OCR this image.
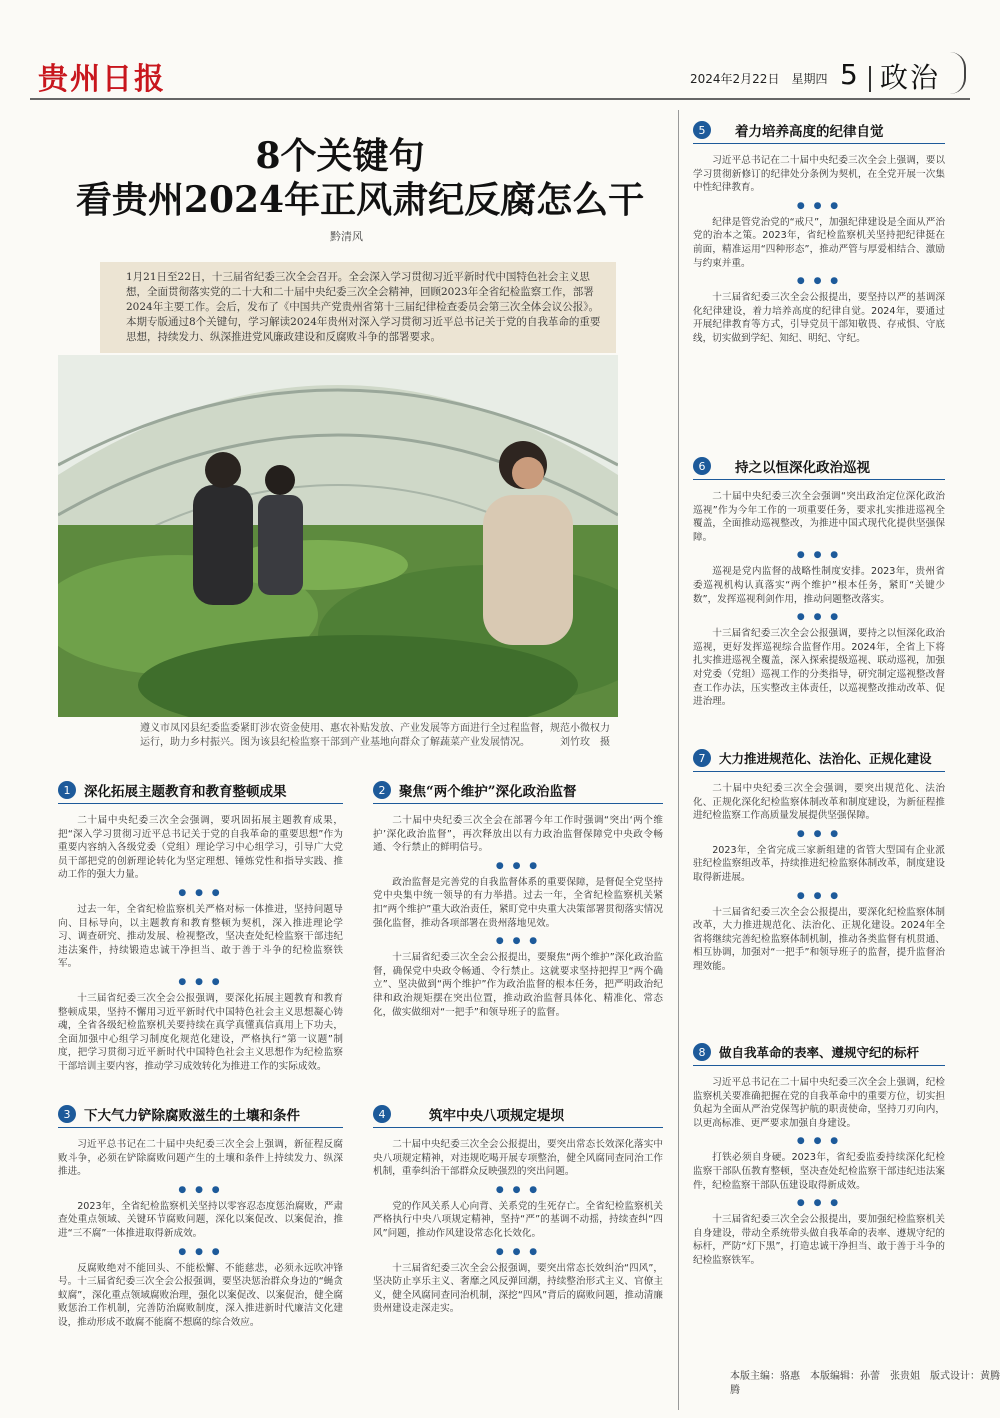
贵州日报	2024年2月22日　星期四 5 政治
8个关键句
看贵州2024年正风肃纪反腐怎么干
黔清风
1月21日至22日，十三届省纪委三次全会召开。全会深入学习贯彻习近平新时代中国特色社会主义思想，全面贯彻落实党的二十大和二十届中央纪委三次全会精神，回顾2023年全省纪检监察工作，部署2024年主要工作。会后，发布了《中国共产党贵州省第十三届纪律检查委员会第三次全体会议公报》。本期专版通过8个关键句，学习解读2024年贵州对深入学习贯彻习近平总书记关于党的自我革命的重要思想，持续发力、纵深推进党风廉政建设和反腐败斗争的部署要求。
遵义市凤冈县纪委监委紧盯涉农资金使用、惠农补贴发放、产业发展等方面进行全过程监督，规范小微权力运行，助力乡村振兴。图为该县纪检监察干部到产业基地向群众了解蔬菜产业发展情况。	刘竹玫　摄
1	深化拓展主题教育和教育整顿成果

二十届中央纪委三次全会强调，要巩固拓展主题教育成果，把“深入学习贯彻习近平总书记关于党的自我革命的重要思想”作为重要内容纳入各级党委（党组）理论学习中心组学习，引导广大党员干部把党的创新理论转化为坚定理想、锤炼党性和指导实践、推动工作的强大力量。

● ● ●

过去一年，全省纪检监察机关严格对标一体推进，坚持问题导向、目标导向，以主题教育和教育整顿为契机，深入推进理论学习、调查研究、推动发展、检视整改，坚决查处纪检监察干部违纪违法案件，持续锻造忠诚干净担当、敢于善于斗争的纪检监察铁军。

● ● ●

十三届省纪委三次全会公报强调，要深化拓展主题教育和教育整顿成果，坚持不懈用习近平新时代中国特色社会主义思想凝心铸魂，全省各级纪检监察机关要持续在真学真懂真信真用上下功夫，全面加强中心组学习制度化规范化建设，严格执行“第一议题”制度，把学习贯彻习近平新时代中国特色社会主义思想作为纪检监察干部培训主要内容，推动学习成效转化为推进工作的实际成效。

2	聚焦“两个维护”深化政治监督

二十届中央纪委三次全会在部署今年工作时强调“突出‘两个维护’深化政治监督”，再次释放出以有力政治监督保障党中央政令畅通、令行禁止的鲜明信号。

● ● ●

政治监督是完善党的自我监督体系的重要保障，是督促全党坚持党中央集中统一领导的有力举措。过去一年，全省纪检监察机关紧扣“两个维护”重大政治责任，紧盯党中央重大决策部署贯彻落实情况强化监督，推动各项部署在贵州落地见效。

● ● ●

十三届省纪委三次全会公报提出，要聚焦“两个维护”深化政治监督，确保党中央政令畅通、令行禁止。这就要求坚持把捍卫“两个确立”、坚决做到“两个维护”作为政治监督的根本任务，把严明政治纪律和政治规矩摆在突出位置，推动政治监督具体化、精准化、常态化，做实做细对“一把手”和领导班子的监督。

3	下大气力铲除腐败滋生的土壤和条件

习近平总书记在二十届中央纪委三次全会上强调，新征程反腐败斗争，必须在铲除腐败问题产生的土壤和条件上持续发力、纵深推进。

● ● ●

2023年，全省纪检监察机关坚持以零容忍态度惩治腐败，严肃查处重点领域、关键环节腐败问题，深化以案促改、以案促治，推进“三不腐”一体推进取得新成效。

● ● ●

反腐败绝对不能回头、不能松懈、不能慈悲，必须永远吹冲锋号。十三届省纪委三次全会公报强调，要坚决惩治群众身边的“蝇贪蚁腐”，深化重点领域腐败治理，强化以案促改、以案促治，健全腐败惩治工作机制，完善防治腐败制度，深入推进新时代廉洁文化建设，推动形成不敢腐不能腐不想腐的综合效应。

4	筑牢中央八项规定堤坝

二十届中央纪委三次全会公报提出，要突出常态长效深化落实中央八项规定精神，对违规吃喝开展专项整治，健全风腐同查同治工作机制，重拳纠治干部群众反映强烈的突出问题。

● ● ●

党的作风关系人心向背、关系党的生死存亡。全省纪检监察机关严格执行中央八项规定精神，坚持“严”的基调不动摇，持续查纠“四风”问题，推动作风建设常态化长效化。

● ● ●

十三届省纪委三次全会公报强调，要突出常态长效纠治“四风”，坚决防止享乐主义、奢靡之风反弹回潮，持续整治形式主义、官僚主义，健全风腐同查同治机制，深挖“四风”背后的腐败问题，推动清廉贵州建设走深走实。

5	着力培养高度的纪律自觉

习近平总书记在二十届中央纪委三次全会上强调，要以学习贯彻新修订的纪律处分条例为契机，在全党开展一次集中性纪律教育。

● ● ●

纪律是管党治党的“戒尺”，加强纪律建设是全面从严治党的治本之策。2023年，省纪检监察机关坚持把纪律挺在前面，精准运用“四种形态”，推动严管与厚爱相结合、激励与约束并重。

● ● ●

十三届省纪委三次全会公报提出，要坚持以严的基调深化纪律建设，着力培养高度的纪律自觉。2024年，要通过开展纪律教育等方式，引导党员干部知敬畏、存戒惧、守底线，切实做到学纪、知纪、明纪、守纪。

6	持之以恒深化政治巡视

二十届中央纪委三次全会强调“突出政治定位深化政治巡视”作为今年工作的一项重要任务，要求扎实推进巡视全覆盖，全面推动巡视整改，为推进中国式现代化提供坚强保障。

● ● ●

巡视是党内监督的战略性制度安排。2023年，贵州省委巡视机构认真落实“两个维护”根本任务，紧盯“关键少数”，发挥巡视利剑作用，推动问题整改落实。

● ● ●

十三届省纪委三次全会公报强调，要持之以恒深化政治巡视，更好发挥巡视综合监督作用。2024年，全省上下将扎实推进巡视全覆盖，深入探索提级巡视、联动巡视，加强对党委（党组）巡视工作的分类指导，研究制定巡视整改督查工作办法，压实整改主体责任，以巡视整改推动改革、促进治理。

7	大力推进规范化、法治化、正规化建设

二十届中央纪委三次全会强调，要突出规范化、法治化、正规化深化纪检监察体制改革和制度建设，为新征程推进纪检监察工作高质量发展提供坚强保障。

● ● ●

2023年，全省完成三家新组建的省管大型国有企业派驻纪检监察组改革，持续推进纪检监察体制改革，制度建设取得新进展。

● ● ●

十三届省纪委三次全会公报提出，要深化纪检监察体制改革，大力推进规范化、法治化、正规化建设。2024年全省将继续完善纪检监察体制机制，推动各类监督有机贯通、相互协调，加强对“一把手”和领导班子的监督，提升监督治理效能。

8	做自我革命的表率、遵规守纪的标杆

习近平总书记在二十届中央纪委三次全会上强调，纪检监察机关要准确把握在党的自我革命中的重要方位，切实担负起为全面从严治党保驾护航的职责使命，坚持刀刃向内，以更高标准、更严要求加强自身建设。

● ● ●

打铁必须自身硬。2023年，省纪委监委持续深化纪检监察干部队伍教育整顿，坚决查处纪检监察干部违纪违法案件，纪检监察干部队伍建设取得新成效。

● ● ●

十三届省纪委三次全会公报提出，要加强纪检监察机关自身建设，带动全系统带头做自我革命的表率、遵规守纪的标杆，严防“灯下黑”，打造忠诚干净担当、敢于善于斗争的纪检监察铁军。

本版主编：骆惠　本版编辑：孙蕾　张贵姐　版式设计：黄腾腾
